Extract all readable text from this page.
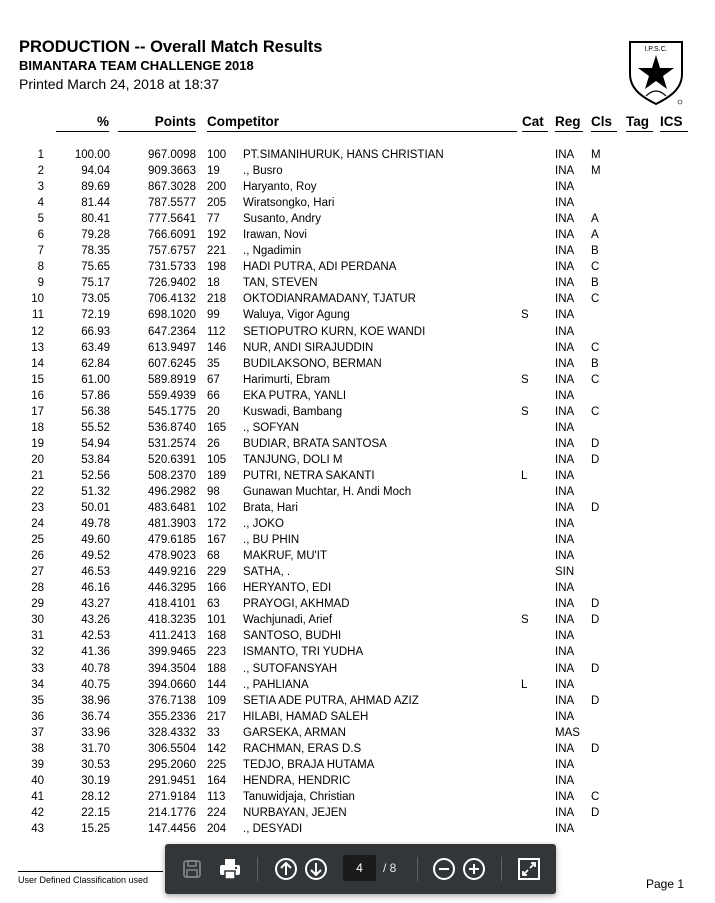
PRODUCTION -- Overall Match Results
BIMANTARA TEAM CHALLENGE 2018
Printed March 24, 2018 at 18:37
I.P.S.C.
%	Points Competitor	Cat Reg Cls	Tag ICS
1	100.00	967.0098 100 PT.SIMANIHURUK, HANS CHRISTIAN	INA M
2	94.04	909.3663 19 ., Busro	INA M
3	89.69	867.3028 200 Haryanto, Roy	INA
4	81.44	787.5577 205 Wiratsongko, Hari	INA
5	80.41	777.5641 77 Susanto, Andry	INA A
6	79.28	766.6091 192 Irawan, Novi	INA A
7	78.35	757.6757 221 ., Ngadimin	INA B
8	75.65	731.5733 198 HADI PUTRA, ADI PERDANA	INA C
9	75.17	726.9402 18 TAN, STEVEN	INA B
10	73.05	706.4132 218 OKTODIANRAMADANY, TJATUR	INA C
11	72.19	698.1020 99 Waluya, Vigor Agung	S INA
12	66.93	647.2364 112 SETIOPUTRO KURN, KOE WANDI	INA
13	63.49	613.9497 146 NUR, ANDI SIRAJUDDIN	INA C
14	62.84	607.6245 35 BUDILAKSONO, BERMAN	INA B
15	61.00	589.8919 67 Harimurti, Ebram	S INA C
16	57.86	559.4939 66 EKA PUTRA, YANLI	INA
17	56.38	545.1775 20 Kuswadi, Bambang	S INA C
18	55.52	536.8740 165 ., SOFYAN	INA
19	54.94	531.2574 26 BUDIAR, BRATA SANTOSA	INA D
20	53.84	520.6391 105 TANJUNG, DOLI M	INA D
21	52.56	508.2370 189 PUTRI, NETRA SAKANTI	L INA
22	51.32	496.2982 98 Gunawan Muchtar, H. Andi Moch	INA
23	50.01	483.6481 102 Brata, Hari	INA D
24	49.78	481.3903 172 ., JOKO	INA
25	49.60	479.6185 167 ., BU PHIN	INA
26	49.52	478.9023 68 MAKRUF, MU'IT	INA
27	46.53	449.9216 229 SATHA, .	SIN
28	46.16	446.3295 166 HERYANTO, EDI	INA
29	43.27	418.4101 63 PRAYOGI, AKHMAD	INA D
30	43.26	418.3235 101 Wachjunadi, Arief	S INA D
31	42.53	411.2413 168 SANTOSO, BUDHI	INA
32	41.36	399.9465 223 ISMANTO, TRI YUDHA	INA
33	40.78	394.3504 188 ., SUTOFANSYAH	INA D
34	40.75	394.0660 144 ., PAHLIANA	L INA
35	38.96	376.7138 109 SETIA ADE PUTRA, AHMAD AZIZ	INA D
36	36.74	355.2336 217 HILABI, HAMAD SALEH	INA
37	33.96	328.4332 33 GARSEKA, ARMAN	MAS
38	31.70	306.5504 142 RACHMAN, ERAS D.S	INA D
39	30.53	295.2060 225 TEDJO, BRAJA HUTAMA	INA
40	30.19	291.9451 164 HENDRA, HENDRIC	INA
41	28.12	271.9184 113 Tanuwidjaja, Christian	INA C
42	22.15	214.1776 224 NURBAYAN, JEJEN	INA D
43	15.25	147.4456 204 ., DESYADI	INA
User Defined Classification used	Page 1
4	/ 8
